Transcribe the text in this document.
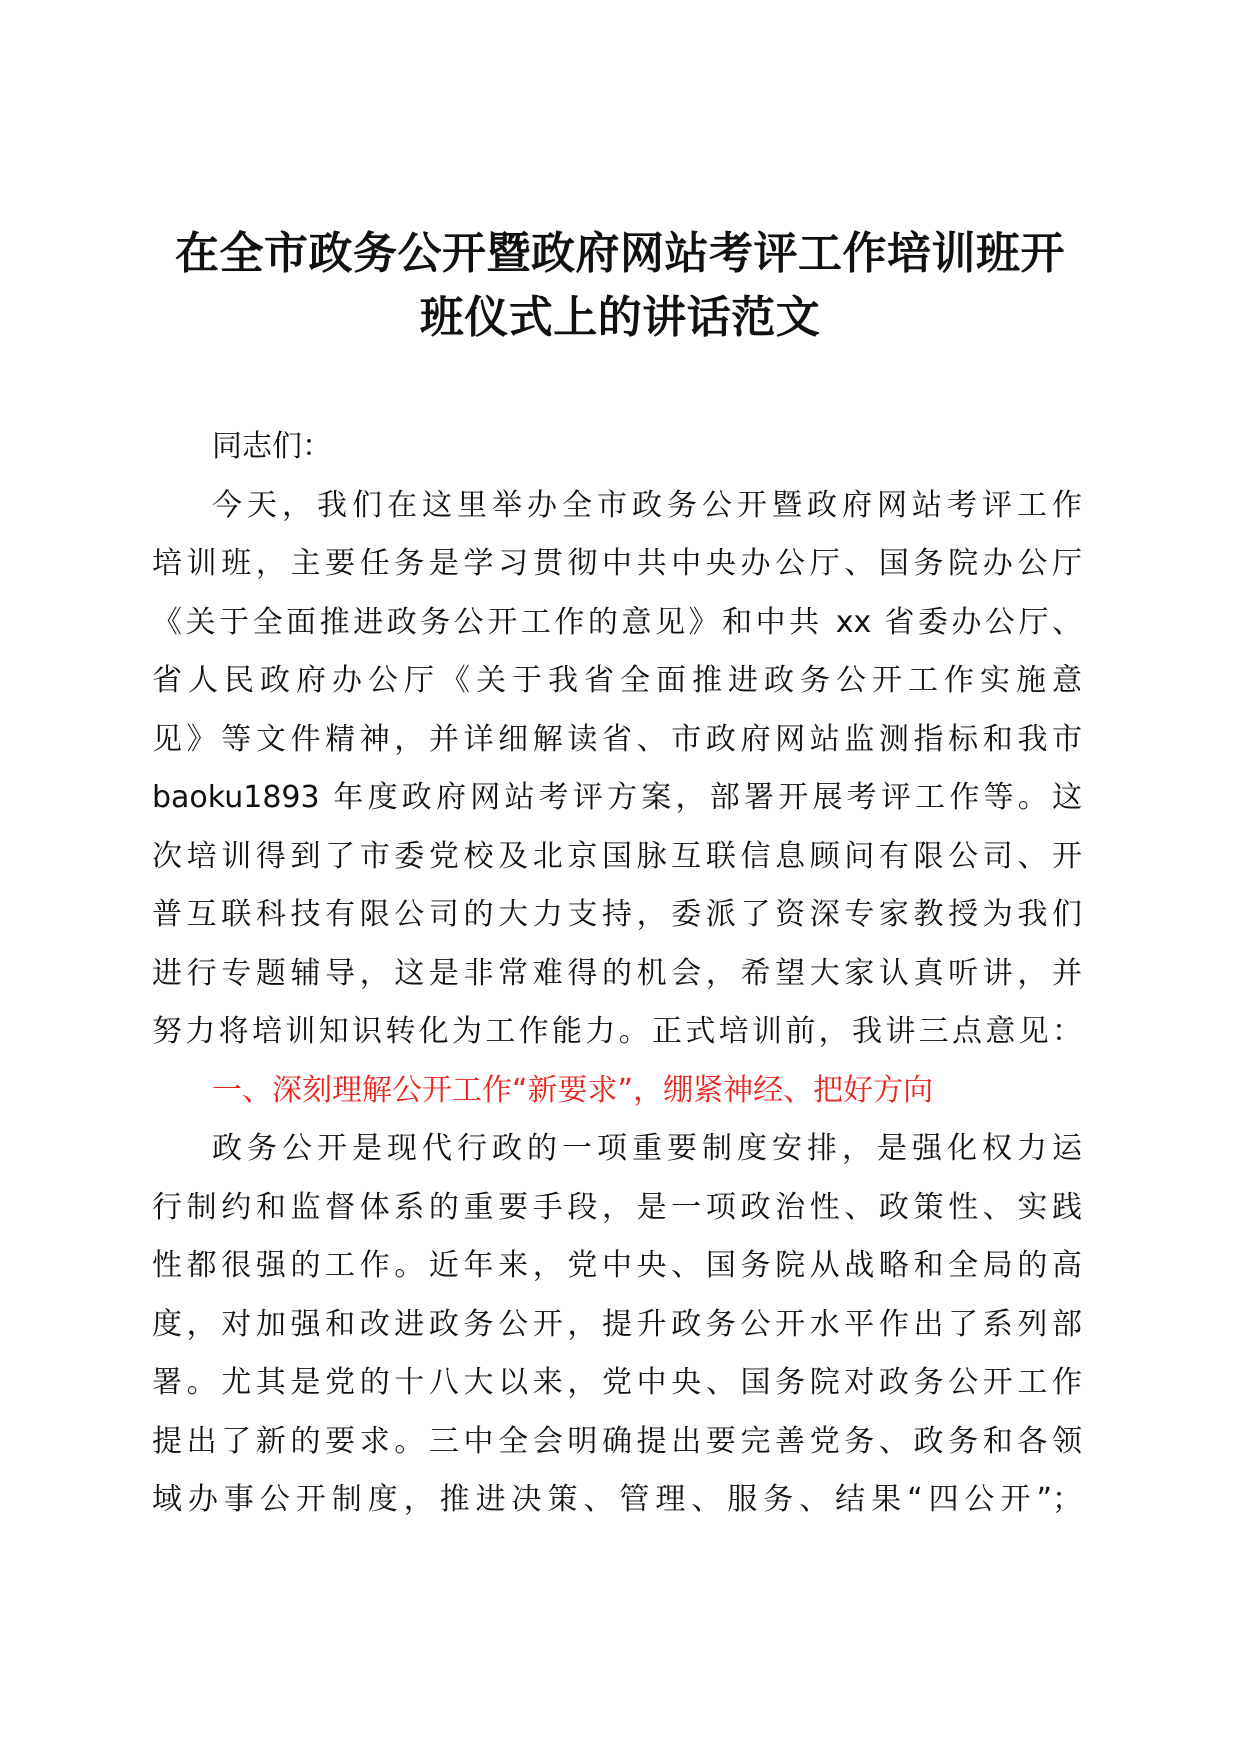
在全市政务公开暨政府网站考评工作培训班开
班仪式上的讲话范文
同志们：
今天，我们在这里举办全市政务公开暨政府网站考评工作
培训班，主要任务是学习贯彻中共中央办公厅、国务院办公厅
《关于全面推进政务公开工作的意见》和中共 xx 省委办公厅、
省人民政府办公厅《关于我省全面推进政务公开工作实施意
见》等文件精神，并详细解读省、市政府网站监测指标和我市
baoku1893 年度政府网站考评方案，部署开展考评工作等。这
次培训得到了市委党校及北京国脉互联信息顾问有限公司、开
普互联科技有限公司的大力支持，委派了资深专家教授为我们
进行专题辅导，这是非常难得的机会，希望大家认真听讲，并
努力将培训知识转化为工作能力。正式培训前，我讲三点意见：
一、深刻理解公开工作“新要求”，绷紧神经、把好方向
政务公开是现代行政的一项重要制度安排，是强化权力运
行制约和监督体系的重要手段，是一项政治性、政策性、实践
性都很强的工作。近年来，党中央、国务院从战略和全局的高
度，对加强和改进政务公开，提升政务公开水平作出了系列部
署。尤其是党的十八大以来，党中央、国务院对政务公开工作
提出了新的要求。三中全会明确提出要完善党务、政务和各领
域办事公开制度，推进决策、管理、服务、结果“四公开”；
